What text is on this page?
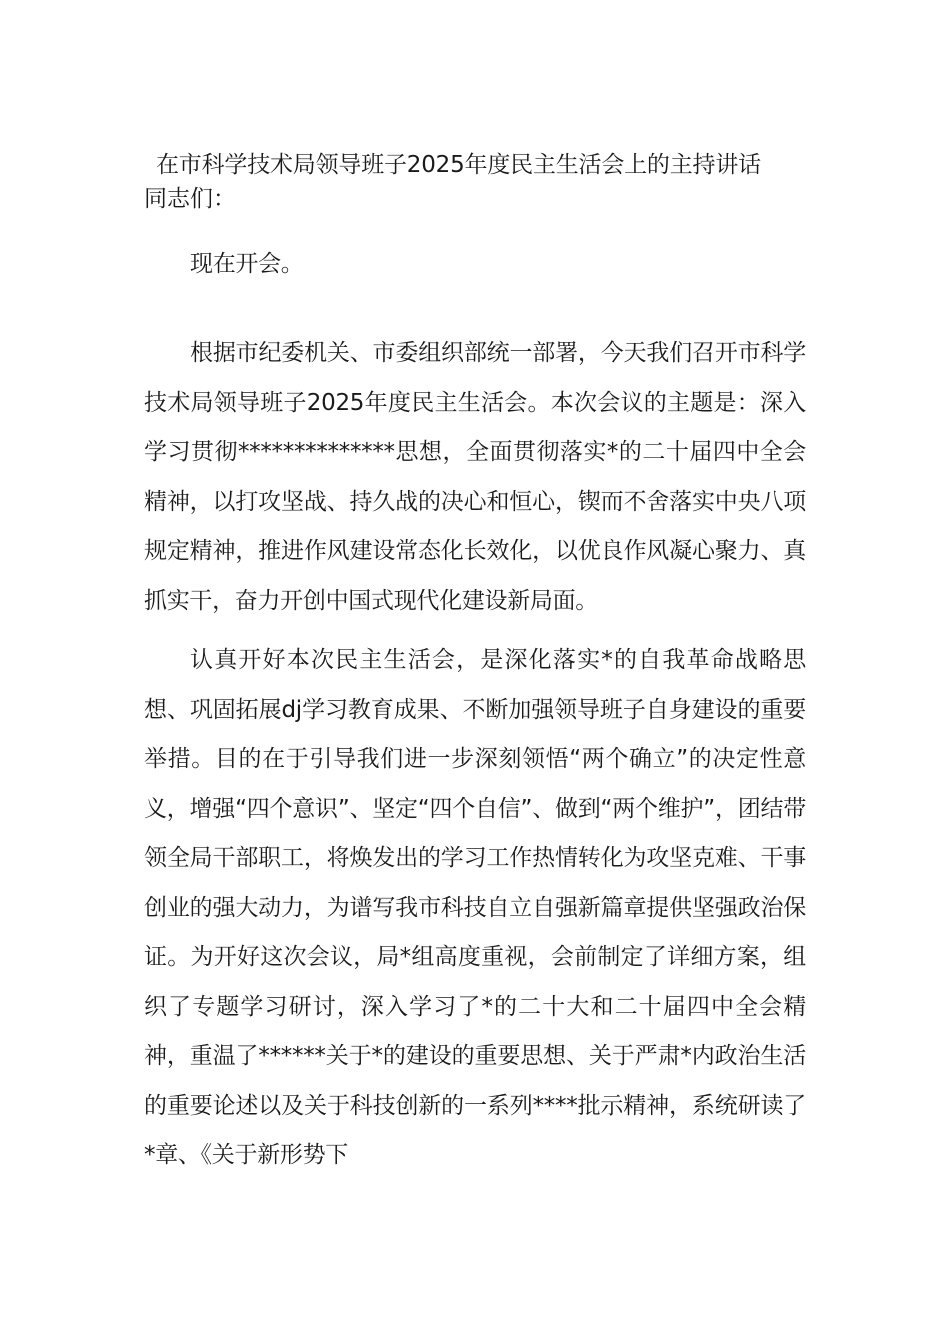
在市科学技术局领导班子2025年度民主生活会上的主持讲话
同志们：

现在开会。

根据市纪委机关、市委组织部统一部署，今天我们召开市科学技术局领导班子2025年度民主生活会。本次会议的主题是：深入学习贯彻**************思想，全面贯彻落实*的二十届四中全会精神，以打攻坚战、持久战的决心和恒心，锲而不舍落实中央八项规定精神，推进作风建设常态化长效化，以优良作风凝心聚力、真抓实干，奋力开创中国式现代化建设新局面。

认真开好本次民主生活会，是深化落实*的自我革命战略思想、巩固拓展dj学习教育成果、不断加强领导班子自身建设的重要举措。目的在于引导我们进一步深刻领悟“两个确立”的决定性意义，增强“四个意识”、坚定“四个自信”、做到“两个维护”，团结带领全局干部职工，将焕发出的学习工作热情转化为攻坚克难、干事创业的强大动力，为谱写我市科技自立自强新篇章提供坚强政治保证。为开好这次会议，局*组高度重视，会前制定了详细方案，组织了专题学习研讨，深入学习了*的二十大和二十届四中全会精神，重温了******关于*的建设的重要思想、关于严肃*内政治生活的重要论述以及关于科技创新的一系列****批示精神，系统研读了*章、《关于新形势下
